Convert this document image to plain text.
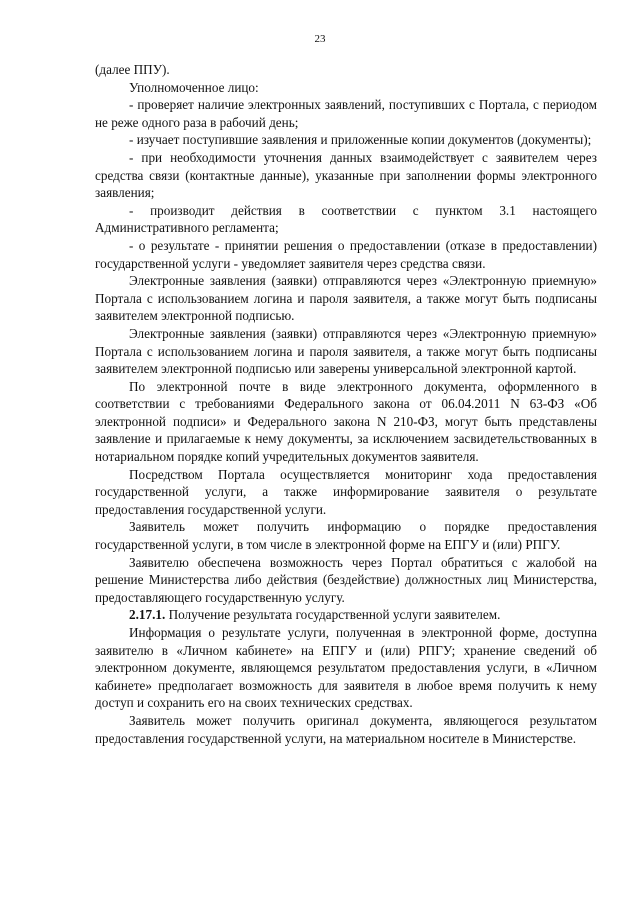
23

(далее ППУ).

Уполномоченное лицо:

- проверяет наличие электронных заявлений, поступивших с Портала, с периодом не реже одного раза в рабочий день;

- изучает поступившие заявления и приложенные копии документов (документы);

- при необходимости уточнения данных взаимодействует с заявителем через средства связи (контактные данные), указанные при заполнении формы электронного заявления;

- производит действия в соответствии с пунктом 3.1 настоящего Административного регламента;

- о результате - принятии решения о предоставлении (отказе в предоставлении) государственной услуги - уведомляет заявителя через средства связи.

Электронные заявления (заявки) отправляются через «Электронную приемную» Портала с использованием логина и пароля заявителя, а также могут быть подписаны заявителем электронной подписью.

Электронные заявления (заявки) отправляются через «Электронную приемную» Портала с использованием логина и пароля заявителя, а также могут быть подписаны заявителем электронной подписью или заверены универсальной электронной картой.

По электронной почте в виде электронного документа, оформленного в соответствии с требованиями Федерального закона от 06.04.2011 N 63-ФЗ «Об электронной подписи» и Федерального закона N 210-ФЗ, могут быть представлены заявление и прилагаемые к нему документы, за исключением засвидетельствованных в нотариальном порядке копий учредительных документов заявителя.

Посредством Портала осуществляется мониторинг хода предоставления государственной услуги, а также информирование заявителя о результате предоставления государственной услуги.

Заявитель может получить информацию о порядке предоставления государственной услуги, в том числе в электронной форме на ЕПГУ и (или) РПГУ.

Заявителю обеспечена возможность через Портал обратиться с жалобой на решение Министерства либо действия (бездействие) должностных лиц Министерства, предоставляющего государственную услугу.

2.17.1. Получение результата государственной услуги заявителем.

Информация о результате услуги, полученная в электронной форме, доступна заявителю в «Личном кабинете» на ЕПГУ и (или) РПГУ; хранение сведений об электронном документе, являющемся результатом предоставления услуги, в «Личном кабинете» предполагает возможность для заявителя в любое время получить к нему доступ и сохранить его на своих технических средствах.

Заявитель может получить оригинал документа, являющегося результатом предоставления государственной услуги, на материальном носителе в Министерстве.
